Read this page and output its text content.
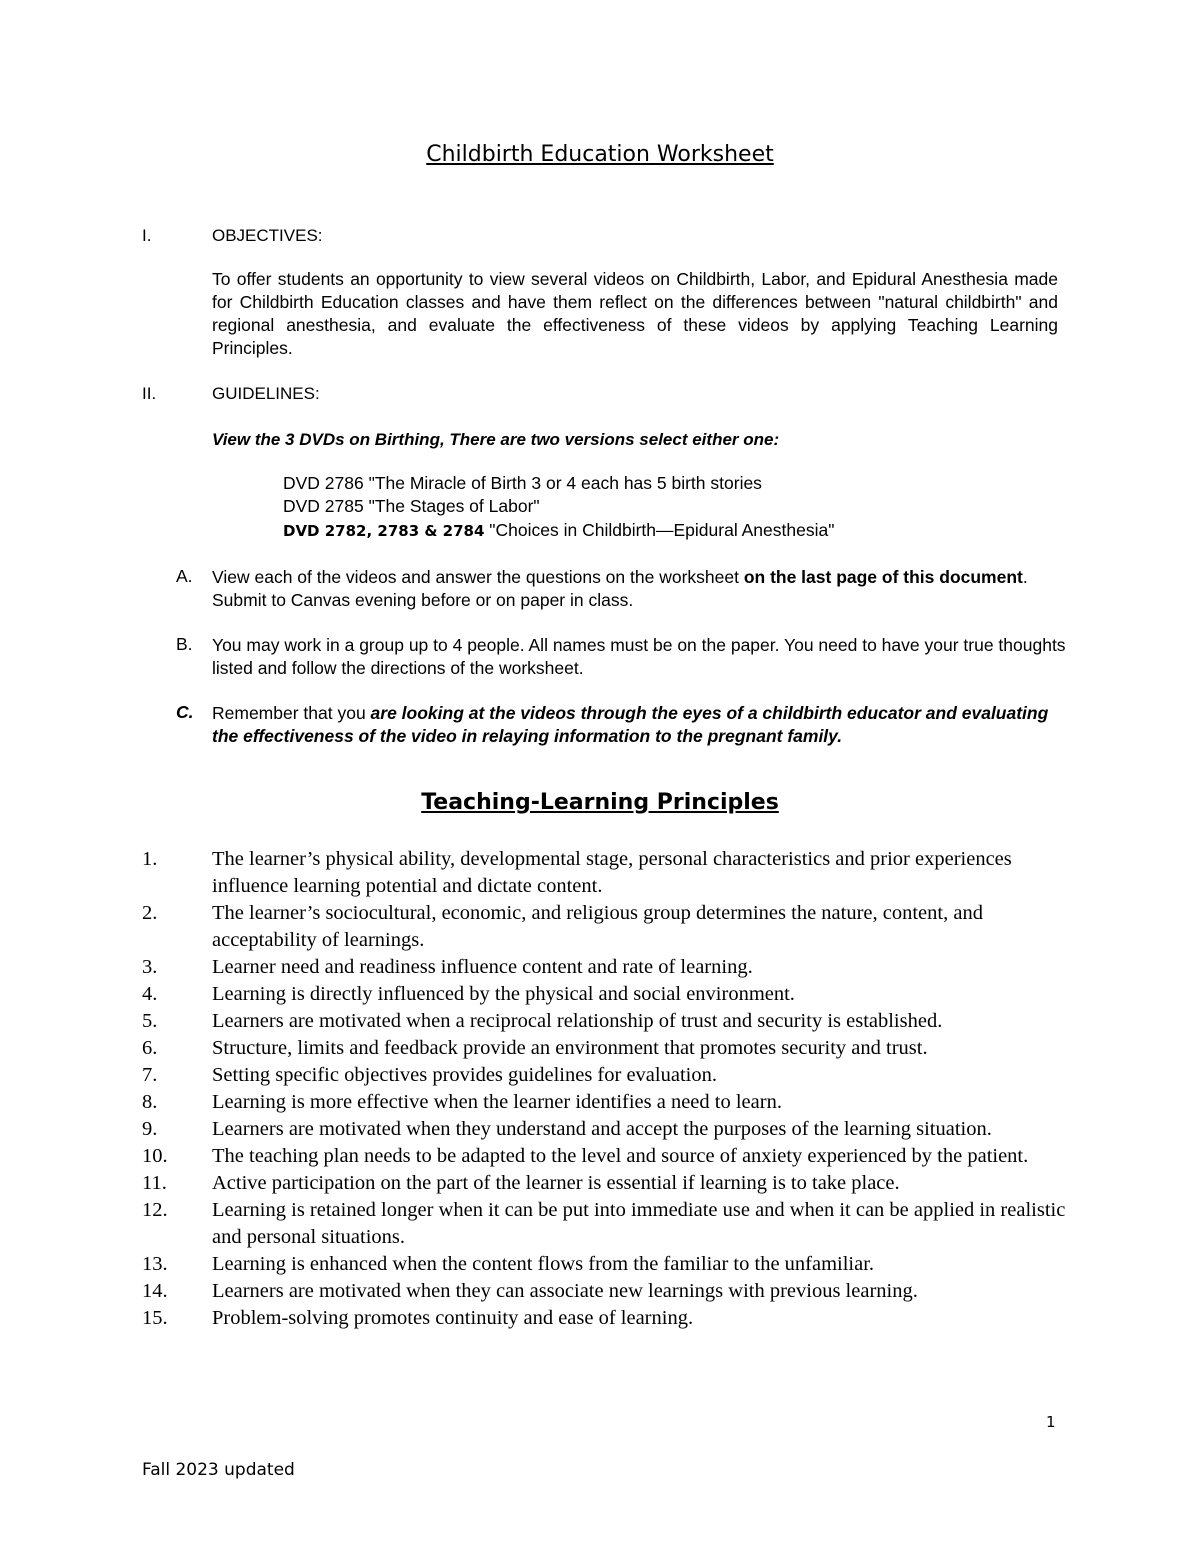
Childbirth Education Worksheet
I.	OBJECTIVES:
To offer students an opportunity to view several videos on Childbirth, Labor, and Epidural Anesthesia made for Childbirth Education classes and have them reflect on the differences between "natural childbirth" and regional anesthesia, and evaluate the effectiveness of these videos by applying Teaching Learning Principles.
II.	GUIDELINES:
View the 3 DVDs on Birthing, There are two versions select either one:
DVD 2786 "The Miracle of Birth 3 or 4 each has 5 birth stories
DVD 2785 "The Stages of Labor"
DVD 2782, 2783 & 2784 "Choices in Childbirth—Epidural Anesthesia"
A. View each of the videos and answer the questions on the worksheet on the last page of this document. Submit to Canvas evening before or on paper in class.
B. You may work in a group up to 4 people. All names must be on the paper. You need to have your true thoughts listed and follow the directions of the worksheet.
C. Remember that you are looking at the videos through the eyes of a childbirth educator and evaluating the effectiveness of the video in relaying information to the pregnant family.
Teaching-Learning Principles
1.	The learner’s physical ability, developmental stage, personal characteristics and prior experiences influence learning potential and dictate content.
2.	The learner’s sociocultural, economic, and religious group determines the nature, content, and acceptability of learnings.
3.	Learner need and readiness influence content and rate of learning.
4.	Learning is directly influenced by the physical and social environment.
5.	Learners are motivated when a reciprocal relationship of trust and security is established.
6.	Structure, limits and feedback provide an environment that promotes security and trust.
7.	Setting specific objectives provides guidelines for evaluation.
8.	Learning is more effective when the learner identifies a need to learn.
9.	Learners are motivated when they understand and accept the purposes of the learning situation.
10. The teaching plan needs to be adapted to the level and source of anxiety experienced by the patient.
11. Active participation on the part of the learner is essential if learning is to take place.
12. Learning is retained longer when it can be put into immediate use and when it can be applied in realistic and personal situations.
13. Learning is enhanced when the content flows from the familiar to the unfamiliar.
14. Learners are motivated when they can associate new learnings with previous learning.
15. Problem-solving promotes continuity and ease of learning.
1
Fall 2023 updated
